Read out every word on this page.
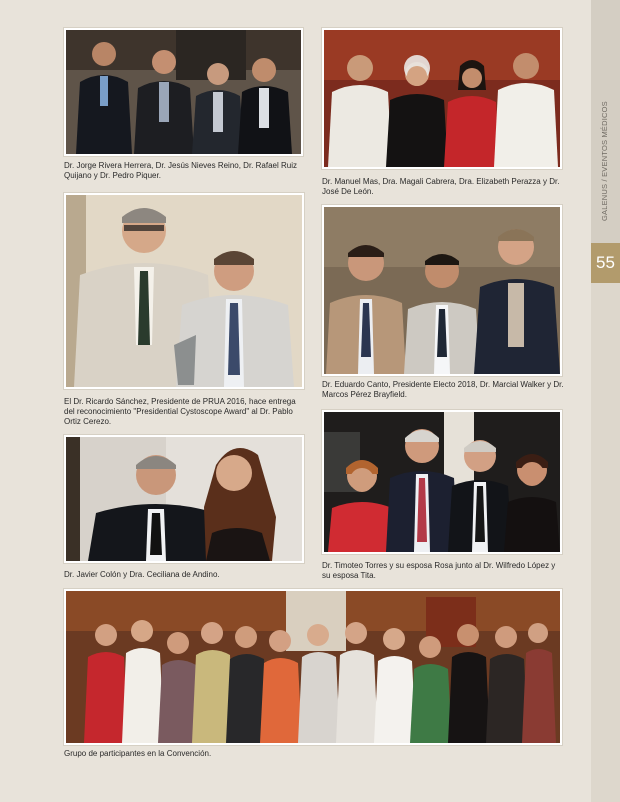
55
Dr. Jorge Rivera Herrera, Dr. Jesús Nieves Reino, Dr. Rafael Ruiz Quijano y Dr. Pedro Piquer.
Dr. Manuel Mas, Dra. Magali Cabrera, Dra. Elizabeth Perazza y Dr. José De León.
El Dr. Ricardo Sánchez, Presidente de PRUA 2016, hace entrega del reconocimiento "Presidential Cystoscope Award" al Dr. Pablo Ortiz Cerezo.
Dr. Eduardo Canto, Presidente Electo 2018, Dr. Marcial Walker y Dr. Marcos Pérez Brayfield.
Dr. Javier Colón y Dra. Ceciliana de Andino.
Dr. Timoteo Torres y su esposa Rosa junto al Dr. Wilfredo López y su esposa Tita.
Grupo de participantes en la Convención.
